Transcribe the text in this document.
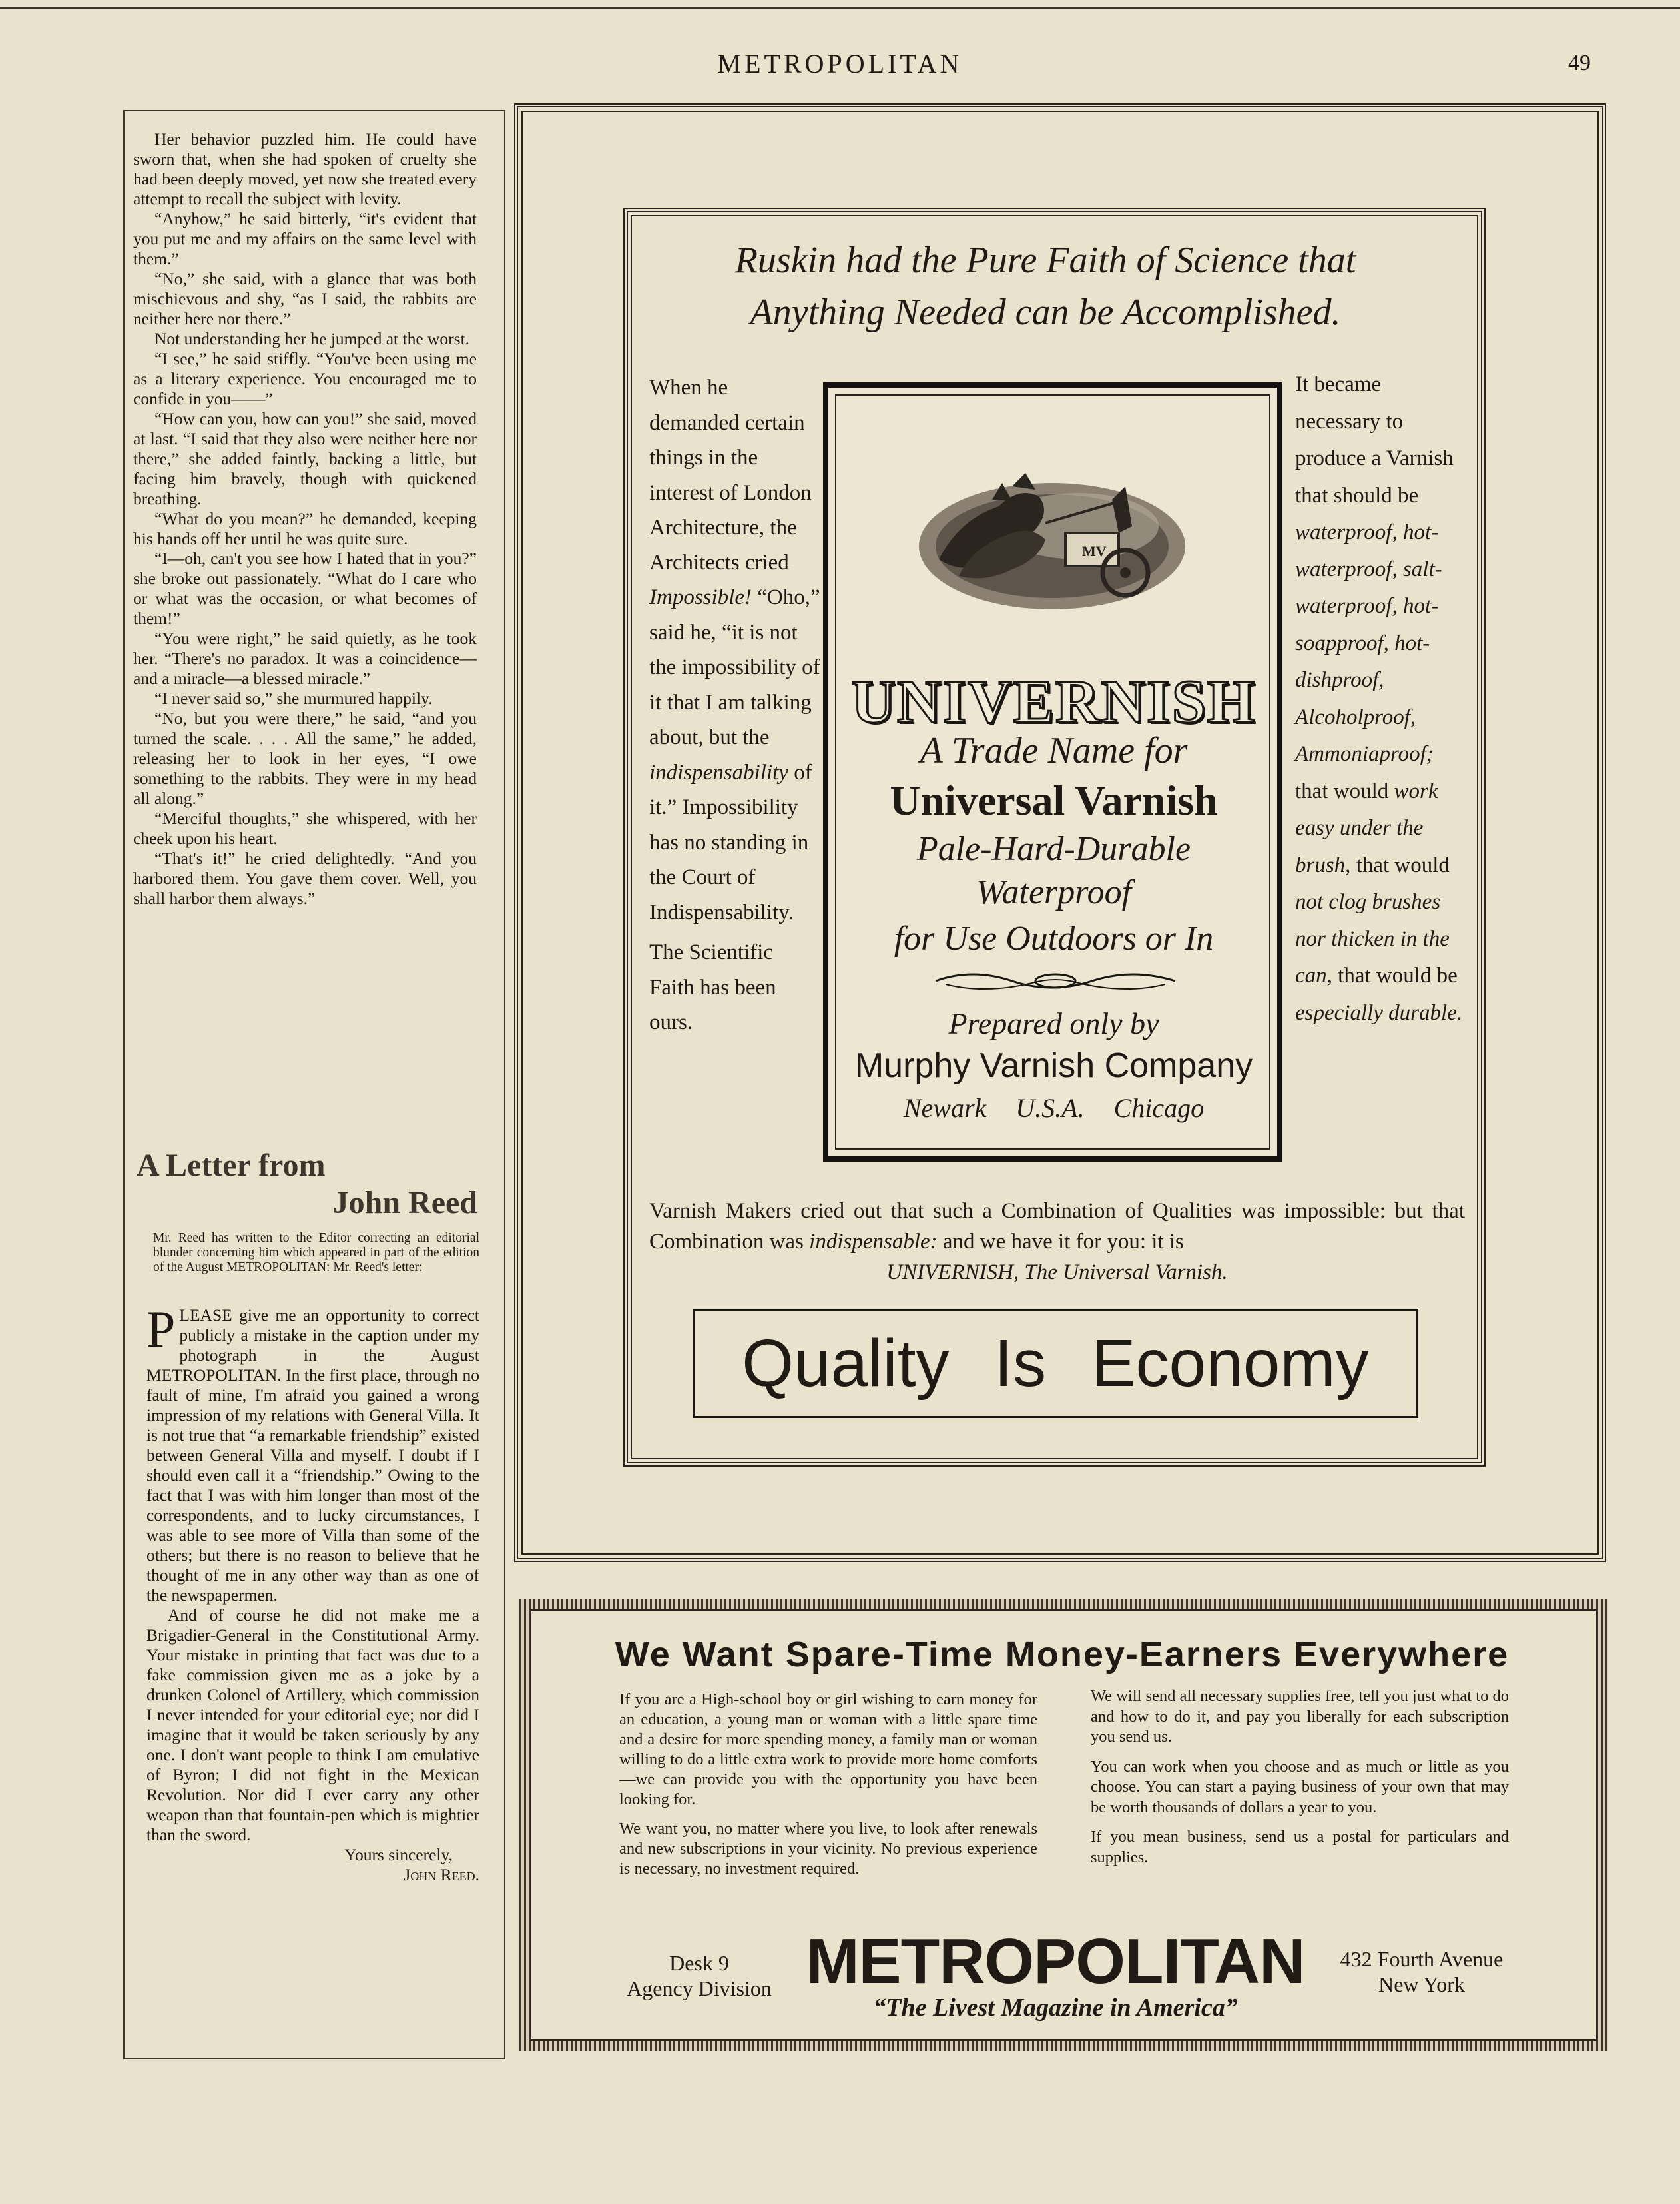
METROPOLITAN	49

Her behavior puzzled him. He could have sworn that, when she had spoken of cruelty she had been deeply moved, yet now she treated every attempt to recall the subject with levity.

“Anyhow,” he said bitterly, “it's evident that you put me and my affairs on the same level with them.”

“No,” she said, with a glance that was both mischievous and shy, “as I said, the rabbits are neither here nor there.”

Not understanding her he jumped at the worst.

“I see,” he said stiffly. “You've been using me as a literary experience. You encouraged me to confide in you——”

“How can you, how can you!” she said, moved at last. “I said that they also were neither here nor there,” she added faintly, backing a little, but facing him bravely, though with quickened breathing.

“What do you mean?” he demanded, keeping his hands off her until he was quite sure.

“I—oh, can't you see how I hated that in you?” she broke out passionately. “What do I care who or what was the occasion, or what becomes of them!”

“You were right,” he said quietly, as he took her. “There's no paradox. It was a coincidence—and a miracle—a blessed miracle.”

“I never said so,” she murmured happily.

“No, but you were there,” he said, “and you turned the scale. . . . All the same,” he added, releasing her to look in her eyes, “I owe something to the rabbits. They were in my head all along.”

“Merciful thoughts,” she whispered, with her cheek upon his heart.

“That's it!” he cried delightedly. “And you harbored them. You gave them cover. Well, you shall harbor them always.”

A Letter from
John Reed
Mr. Reed has written to the Editor correcting an editorial blunder concerning him which appeared in part of the edition of the August METROPOLITAN: Mr. Reed's letter:

PLEASE give me an opportunity to correct publicly a mistake in the caption under my photograph in the August METROPOLITAN. In the first place, through no fault of mine, I'm afraid you gained a wrong impression of my relations with General Villa. It is not true that “a remarkable friendship” existed between General Villa and myself. I doubt if I should even call it a “friendship.” Owing to the fact that I was with him longer than most of the correspondents, and to lucky circumstances, I was able to see more of Villa than some of the others; but there is no reason to believe that he thought of me in any other way than as one of the newspapermen.

And of course he did not make me a Brigadier-General in the Constitutional Army. Your mistake in printing that fact was due to a fake commission given me as a joke by a drunken Colonel of Artillery, which commission I never intended for your editorial eye; nor did I imagine that it would be taken seriously by any one. I don't want people to think I am emulative of Byron; I did not fight in the Mexican Revolution. Nor did I ever carry any other weapon than that fountain-pen which is mightier than the sword.

Yours sincerely,
John Reed.
Ruskin had the Pure Faith of Science that
Anything Needed can be Accomplished.
When he demanded certain things in the interest of London Architecture, the Architects cried Impossible! “Oho,” said he, “it is not the impossibility of it that I am talking about, but the indispensability of it.” Impossibility has no standing in the Court of Indispensability.
The Scientific Faith has been ours.
It became necessary to produce a Varnish that should be waterproof, hot-waterproof, salt-waterproof, hot-soapproof, hot-dishproof, Alcoholproof, Ammoniaproof; that would work easy under the brush, that would not clog brushes nor thicken in the can, that would be especially durable.
MV
UNIVERNISH
A Trade Name for
Universal Varnish
Pale-Hard-Durable
Waterproof
for Use Outdoors or In
Prepared only by
Murphy Varnish Company
Newark U.S.A. Chicago
Varnish Makers cried out that such a Combination of Qualities was impossible: but that Combination was indispensable: and we have it for you: it is
UNIVERNISH, The Universal Varnish.
Quality Is Economy
We Want Spare-Time Money-Earners Everywhere

If you are a High-school boy or girl wishing to earn money for an education, a young man or woman with a little spare time and a desire for more spending money, a family man or woman willing to do a little extra work to provide more home comforts—we can provide you with the opportunity you have been looking for.

We want you, no matter where you live, to look after renewals and new subscriptions in your vicinity. No previous experience is necessary, no investment required.

We will send all necessary supplies free, tell you just what to do and how to do it, and pay you liberally for each subscription you send us.

You can work when you choose and as much or little as you choose. You can start a paying business of your own that may be worth thousands of dollars a year to you.

If you mean business, send us a postal for particulars and supplies.

Desk 9
Agency Division METROPOLITAN
“The Livest Magazine in America”
432 Fourth Avenue
New York
